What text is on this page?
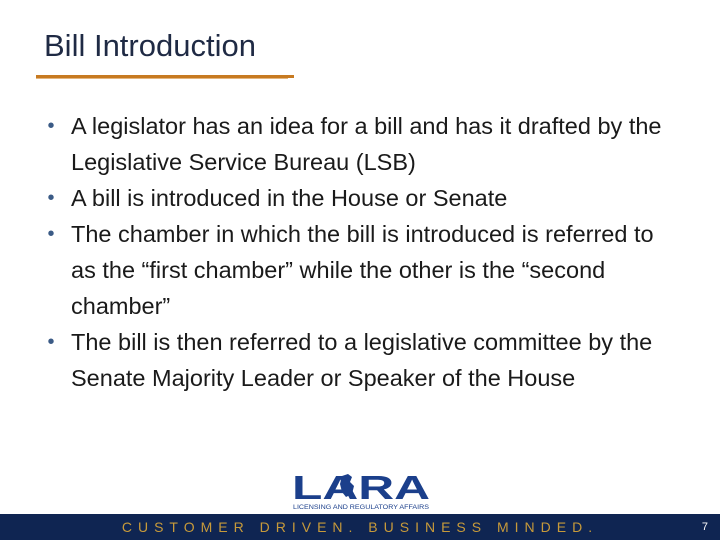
Bill Introduction
• A legislator has an idea for a bill and has it drafted by the Legislative Service Bureau (LSB)
• A bill is introduced in the House or Senate
• The chamber in which the bill is introduced is referred to as the “first chamber” while the other is the “second chamber”
• The bill is then referred to a legislative committee by the Senate Majority Leader or Speaker of the House
LARA
LICENSING AND REGULATORY AFFAIRS
CUSTOMER DRIVEN. BUSINESS MINDED.	7
